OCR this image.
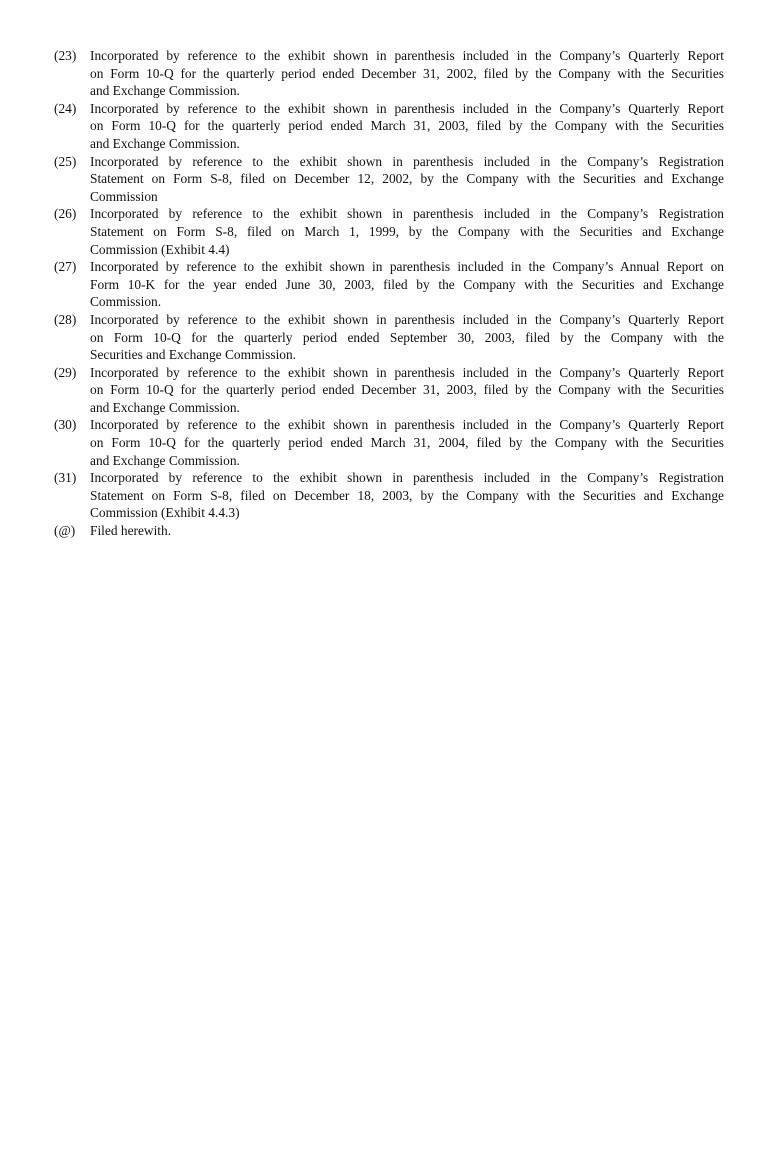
(23)	Incorporated by reference to the exhibit shown in parenthesis included in the Company’s Quarterly Report
on Form 10-Q for the quarterly period ended December 31, 2002, filed by the Company with the Securities
and Exchange Commission.
(24)	Incorporated by reference to the exhibit shown in parenthesis included in the Company’s Quarterly Report
on Form 10-Q for the quarterly period ended March 31, 2003, filed by the Company with the Securities
and Exchange Commission.
(25)	Incorporated by reference to the exhibit shown in parenthesis included in the Company’s Registration
Statement on Form S-8, filed on December 12, 2002, by the Company with the Securities and Exchange
Commission
(26)	Incorporated by reference to the exhibit shown in parenthesis included in the Company’s Registration
Statement on Form S-8, filed on March 1, 1999, by the Company with the Securities and Exchange
Commission (Exhibit 4.4)
(27)	Incorporated by reference to the exhibit shown in parenthesis included in the Company’s Annual Report on
Form 10-K for the year ended June 30, 2003, filed by the Company with the Securities and Exchange
Commission.
(28)	Incorporated by reference to the exhibit shown in parenthesis included in the Company’s Quarterly Report
on Form 10-Q for the quarterly period ended September 30, 2003, filed by the Company with the
Securities and Exchange Commission.
(29)	Incorporated by reference to the exhibit shown in parenthesis included in the Company’s Quarterly Report
on Form 10-Q for the quarterly period ended December 31, 2003, filed by the Company with the Securities
and Exchange Commission.
(30)	Incorporated by reference to the exhibit shown in parenthesis included in the Company’s Quarterly Report
on Form 10-Q for the quarterly period ended March 31, 2004, filed by the Company with the Securities
and Exchange Commission.
(31)	Incorporated by reference to the exhibit shown in parenthesis included in the Company’s Registration
Statement on Form S-8, filed on December 18, 2003, by the Company with the Securities and Exchange
Commission (Exhibit 4.4.3)
(@)	Filed herewith.
